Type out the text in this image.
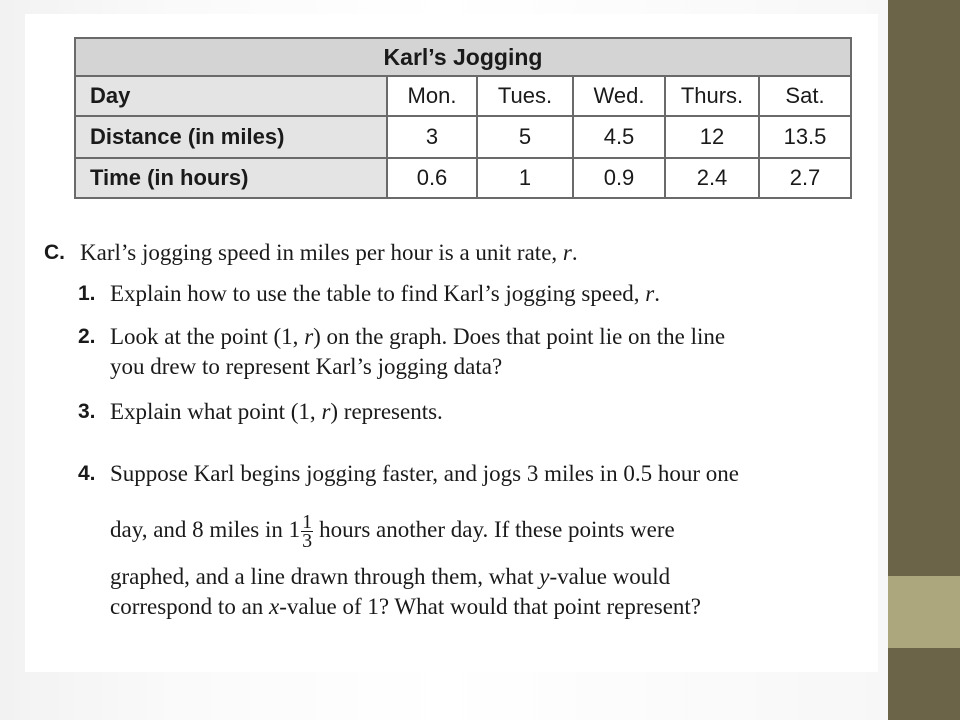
Karl’s Jogging					
Day	Mon.	Tues.	Wed.	Thurs.	Sat.
Distance (in miles)	3	5	4.5	12	13.5
Time (in hours)	0.6	1	0.9	2.4	2.7
C. Karl’s jogging speed in miles per hour is a unit rate, r.
1. Explain how to use the table to find Karl’s jogging speed, r.
2. Look at the point (1, r) on the graph. Does that point lie on the line
you drew to represent Karl’s jogging data?
3. Explain what point (1, r) represents.
4. Suppose Karl begins jogging faster, and jogs 3 miles in 0.5 hour one
day, and 8 miles in $1 \frac{1}{3}$ hours another day. If these points were
graphed, and a line drawn through them, what y-value would
correspond to an x-value of 1? What would that point represent?
